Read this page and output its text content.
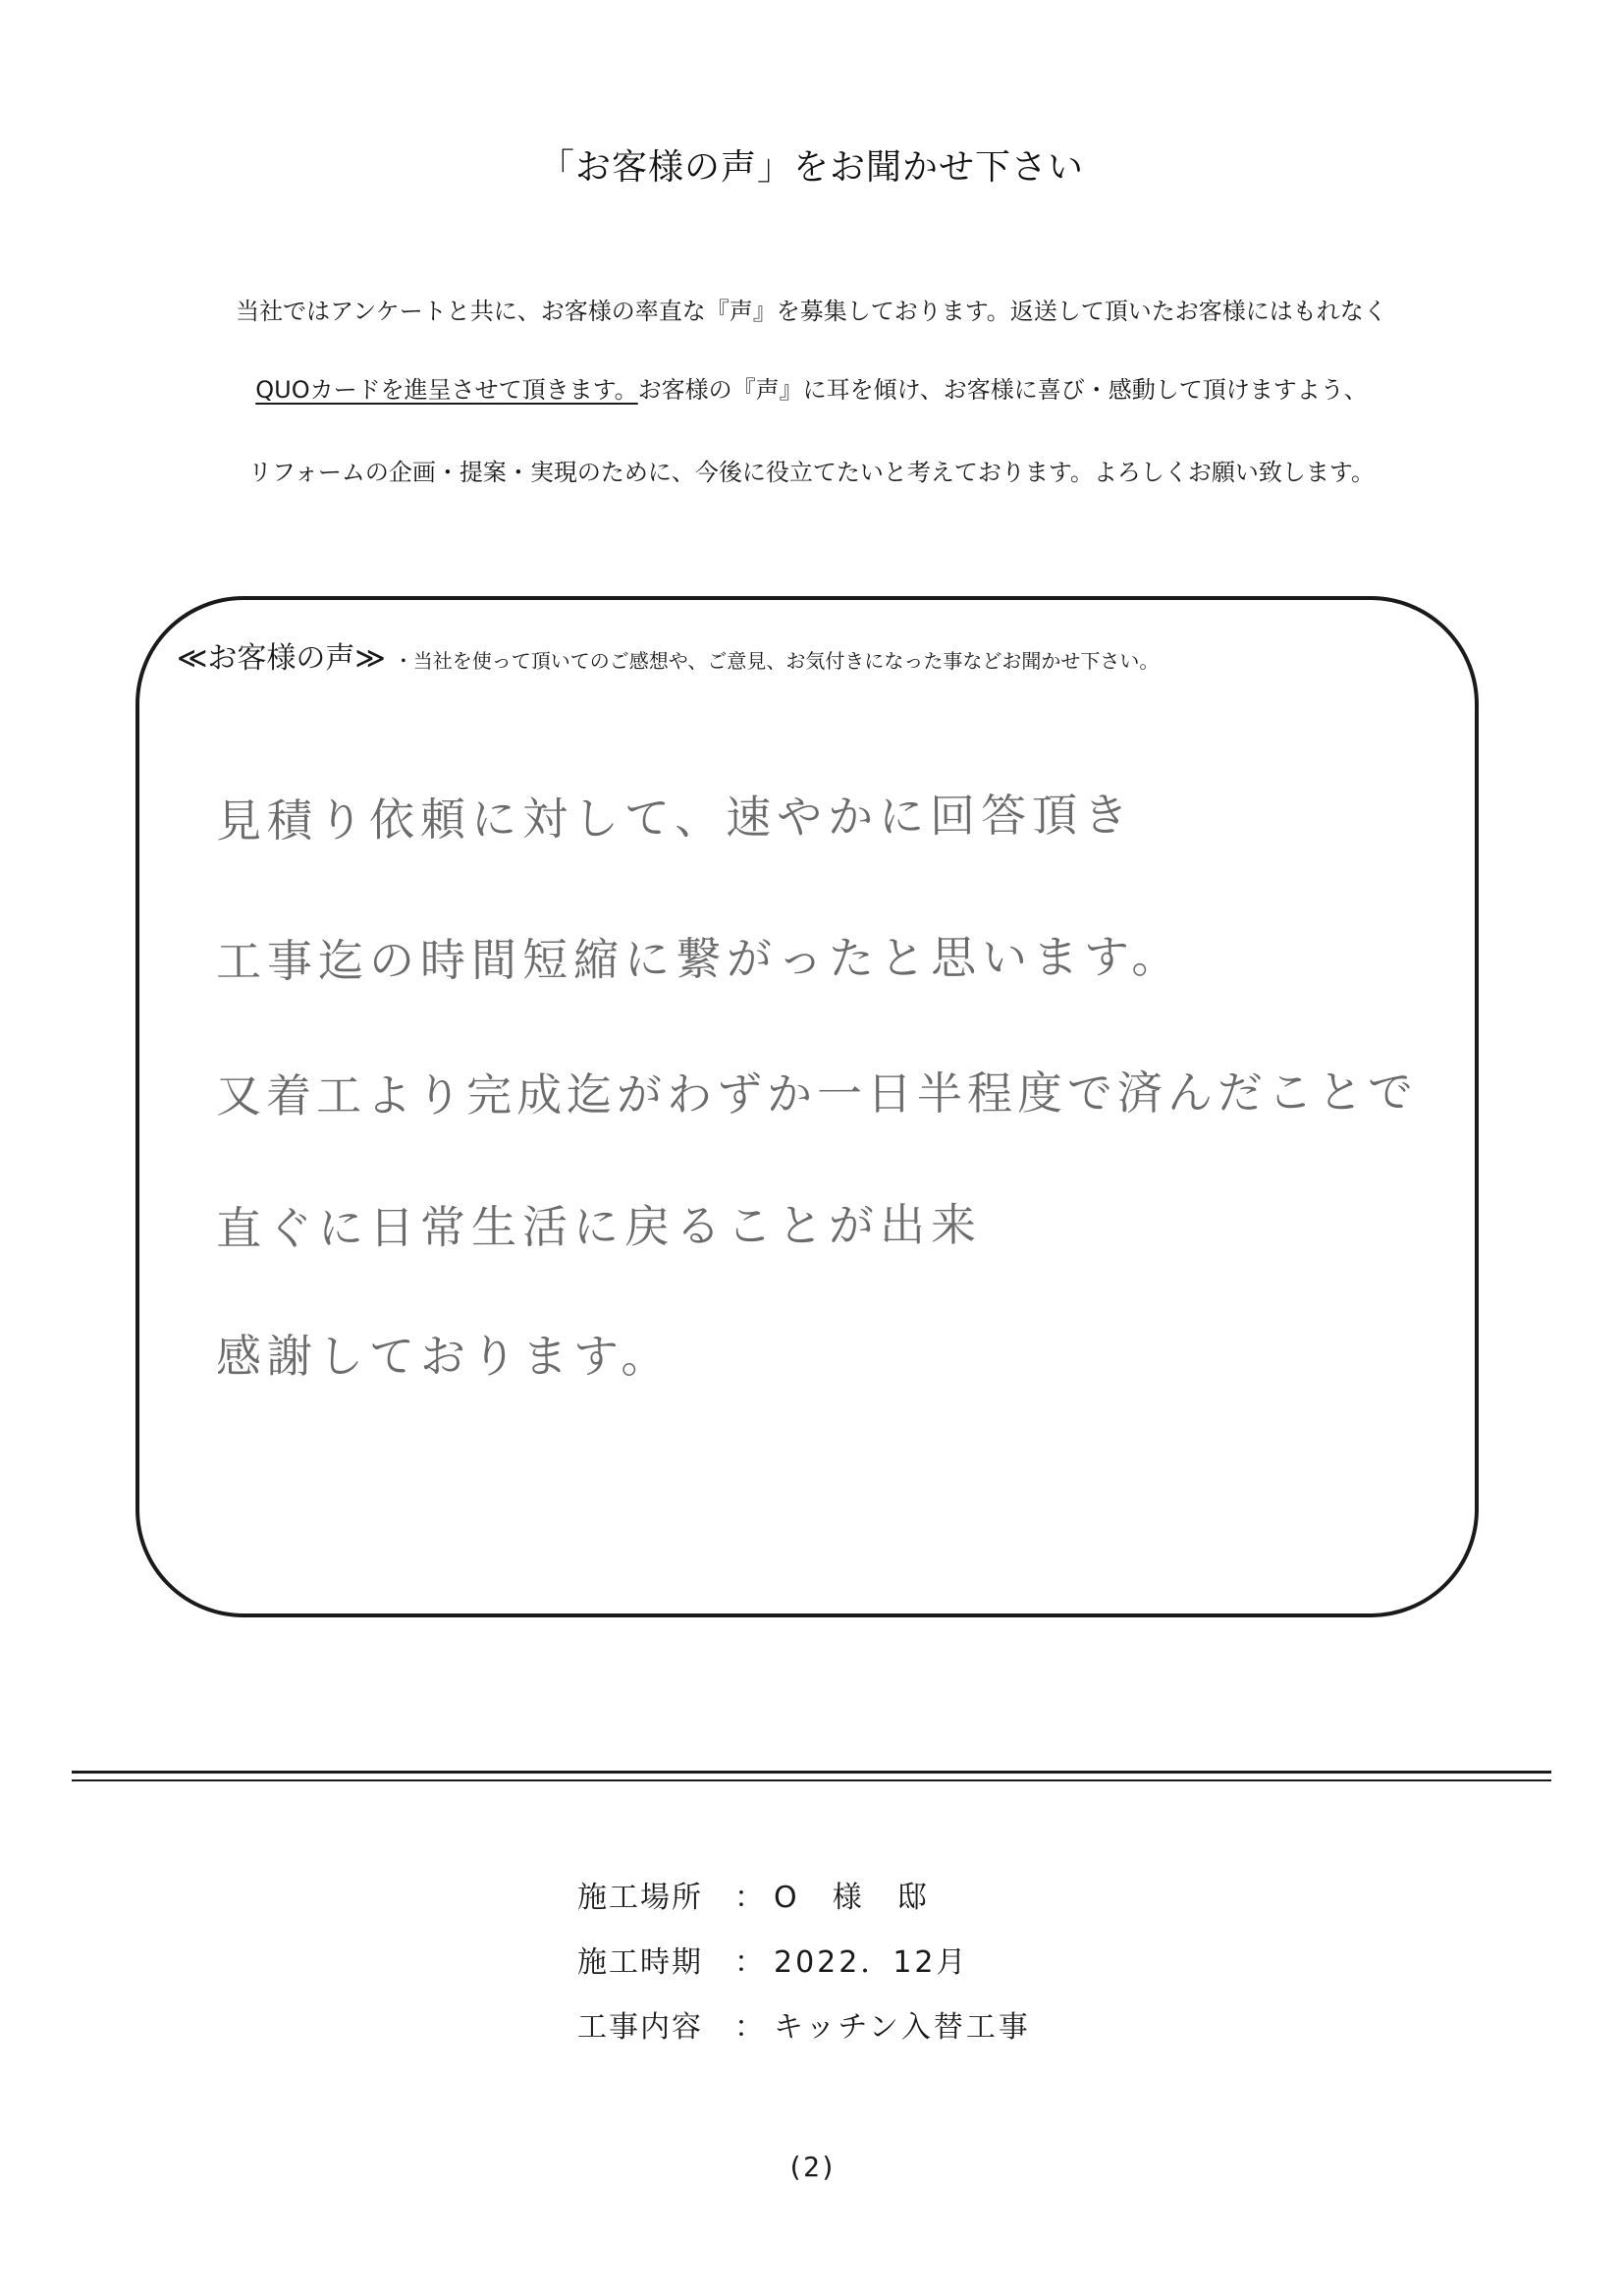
「お客様の声」をお聞かせ下さい
当社ではアンケートと共に、お客様の率直な『声』を募集しております。返送して頂いたお客様にはもれなく
QUOカードを進呈させて頂きます。お客様の『声』に耳を傾け、お客様に喜び・感動して頂けますよう、
リフォームの企画・提案・実現のために、今後に役立てたいと考えております。よろしくお願い致します。
≪お客様の声≫ ・当社を使って頂いてのご感想や、ご意見、お気付きになった事などお聞かせ下さい。
見積り依頼に対して、速やかに回答頂き
工事迄の時間短縮に繋がったと思います。
又着工より完成迄がわずか一日半程度で済んだことで
直ぐに日常生活に戻ることが出来
感謝しております。
施工場所 ： O　様　邸
施工時期 ： 2022．12月
工事内容 ： キッチン入替工事
(2)
